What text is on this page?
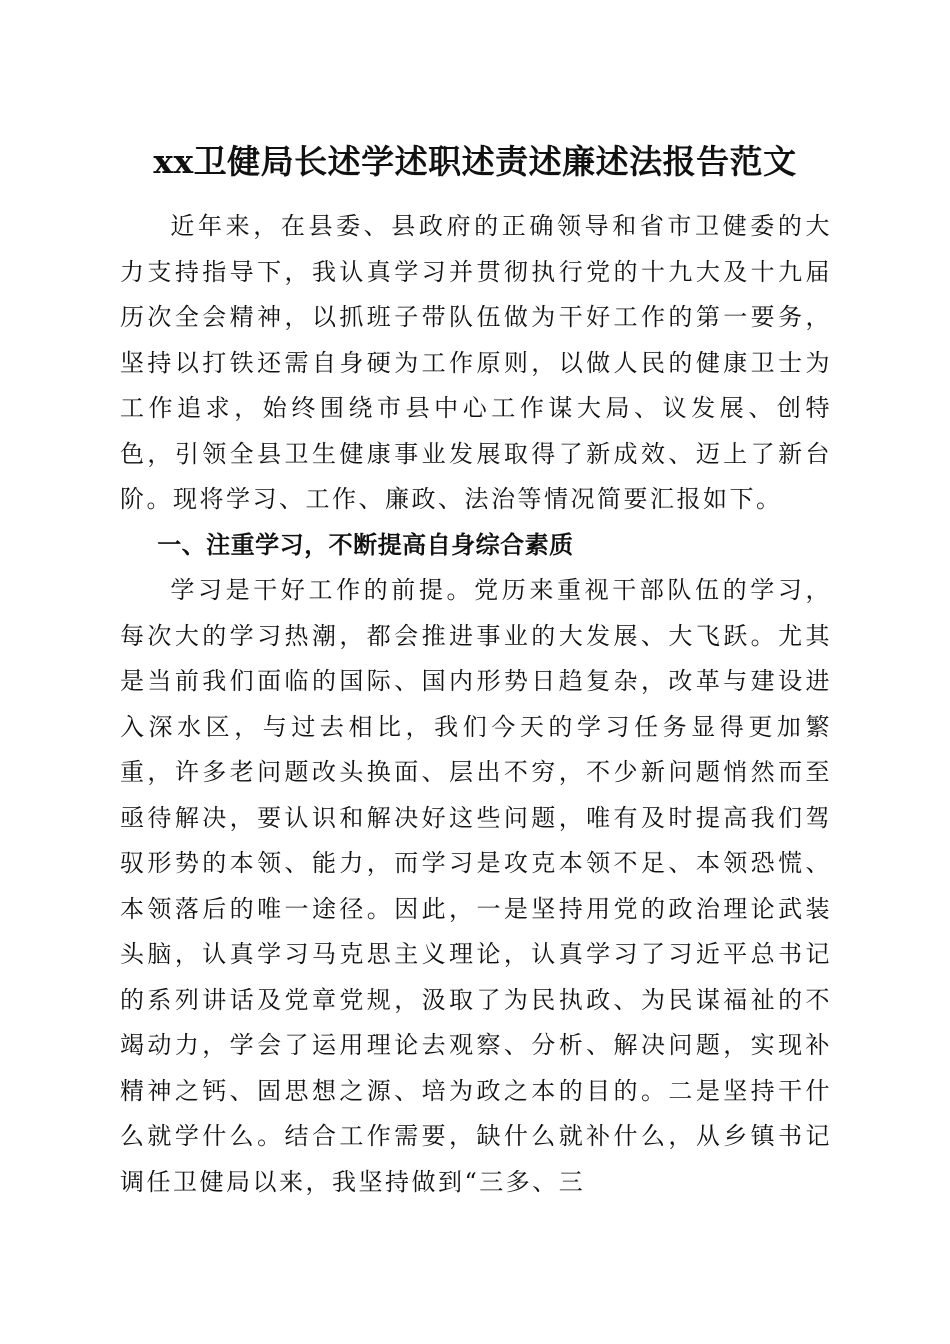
xx卫健局长述学述职述责述廉述法报告范文

近年来，在县委、县政府的正确领导和省市卫健委的大力支持指导下，我认真学习并贯彻执行党的十九大及十九届历次全会精神，以抓班子带队伍做为干好工作的第一要务，坚持以打铁还需自身硬为工作原则，以做人民的健康卫士为工作追求，始终围绕市县中心工作谋大局、议发展、创特色，引领全县卫生健康事业发展取得了新成效、迈上了新台阶。现将学习、工作、廉政、法治等情况简要汇报如下。

一、注重学习，不断提高自身综合素质

学习是干好工作的前提。党历来重视干部队伍的学习，每次大的学习热潮，都会推进事业的大发展、大飞跃。尤其是当前我们面临的国际、国内形势日趋复杂，改革与建设进入深水区，与过去相比，我们今天的学习任务显得更加繁重，许多老问题改头换面、层出不穷，不少新问题悄然而至亟待解决，要认识和解决好这些问题，唯有及时提高我们驾驭形势的本领、能力，而学习是攻克本领不足、本领恐慌、本领落后的唯一途径。因此，一是坚持用党的政治理论武装头脑，认真学习马克思主义理论，认真学习了习近平总书记的系列讲话及党章党规，汲取了为民执政、为民谋福祉的不竭动力，学会了运用理论去观察、分析、解决问题，实现补精神之钙、固思想之源、培为政之本的目的。二是坚持干什么就学什么。结合工作需要，缺什么就补什么，从乡镇书记调任卫健局以来，我坚持做到“三多、三
